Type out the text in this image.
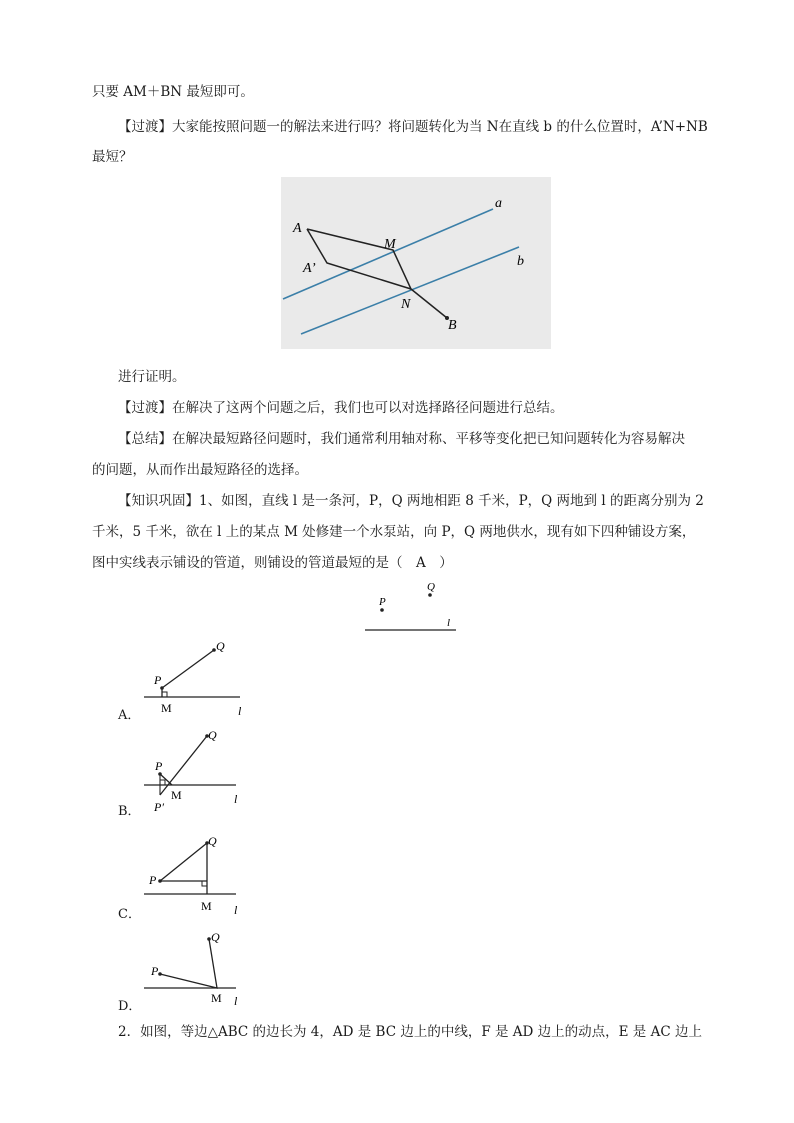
只要 AM＋BN 最短即可。
【过渡】大家能按照问题一的解法来进行吗？将问题转化为当 N在直线 b 的什么位置时，A’N+NB
最短？
A
A’
M
N
B
a
b
进行证明。
【过渡】在解决了这两个问题之后，我们也可以对选择路径问题进行总结。
【总结】在解决最短路径问题时，我们通常利用轴对称、平移等变化把已知问题转化为容易解决
的问题，从而作出最短路径的选择。
【知识巩固】1、如图，直线 l 是一条河，P，Q 两地相距 8 千米，P，Q 两地到 l 的距离分别为 2
千米，5 千米，欲在 l 上的某点 M 处修建一个水泵站，向 P，Q 两地供水，现有如下四种铺设方案，
图中实线表示铺设的管道，则铺设的管道最短的是（　A　）
P
Q
l
A．
P
Q
M	l
B．
P
Q
M
P′
l
C．
P
Q
M l
D．
P
Q
M l
2．如图，等边△ABC 的边长为 4，AD 是 BC 边上的中线，F 是 AD 边上的动点，E 是 AC 边上
